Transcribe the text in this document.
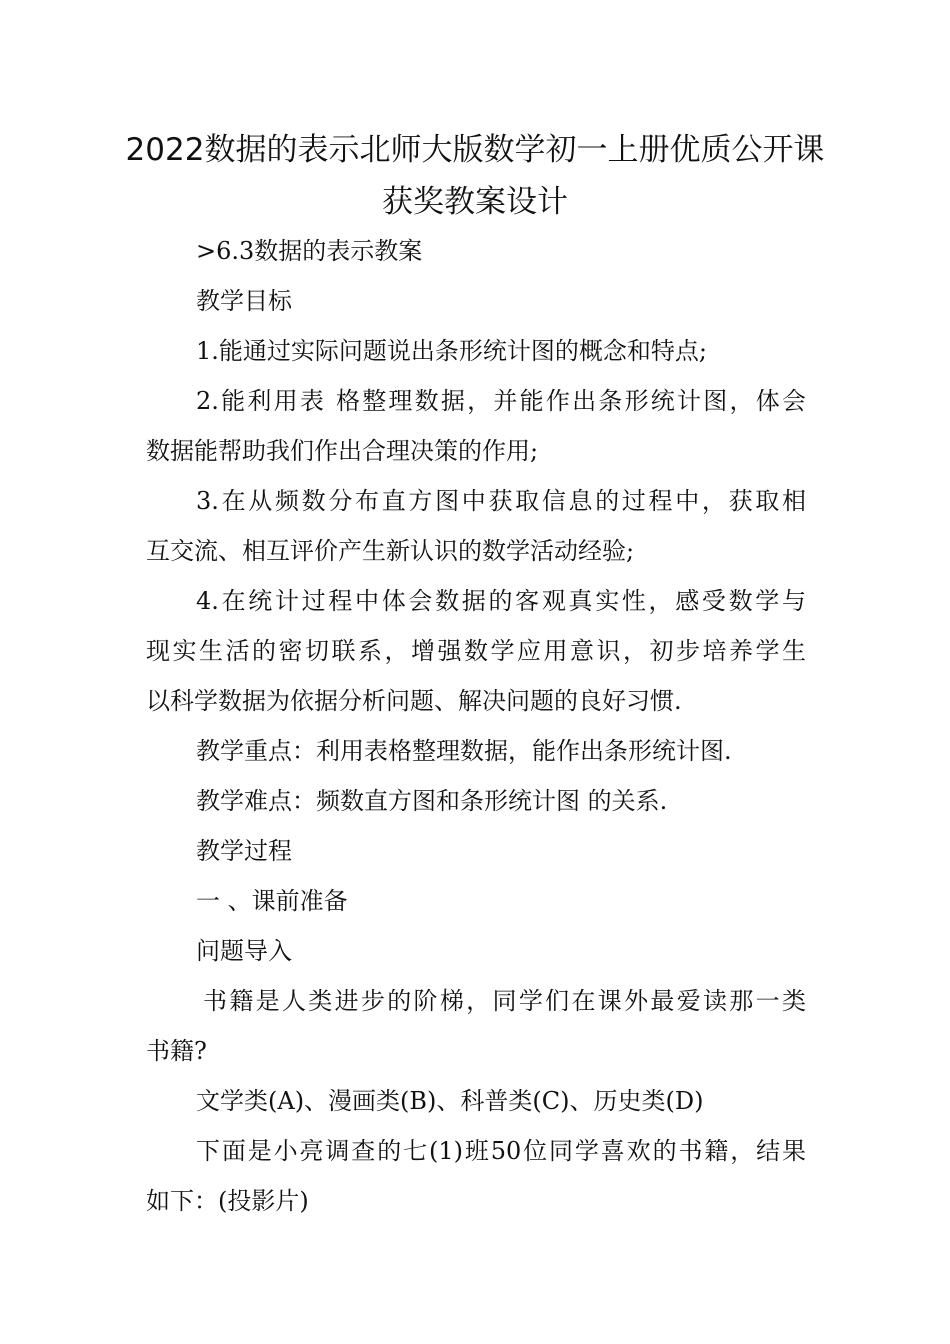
2022数据的表示北师大版数学初一上册优质公开课
获奖教案设计
>6.3数据的表示教案
教学目标
1.能通过实际问题说出条形统计图的概念和特点;
2.能利用表 格整理数据，并能作出条形统计图，体会
数据能帮助我们作出合理决策的作用;
3.在从频数分布直方图中获取信息的过程中，获取相
互交流、相互评价产生新认识的数学活动经验;
4.在统计过程中体会数据的客观真实性，感受数学与
现实生活的密切联系，增强数学应用意识，初步培养学生
以科学数据为依据分析问题、解决问题的良好习惯.
教学重点：利用表格整理数据，能作出条形统计图.
教学难点：频数直方图和条形统计图 的关系.
教学过程
一 、课前准备
问题导入
书籍是人类进步的阶梯，同学们在课外最爱读那一类
书籍?
文学类(A)、漫画类(B)、科普类(C)、历史类(D)
下面是小亮调查的七(1)班50位同学喜欢的书籍，结果
如下：(投影片)
